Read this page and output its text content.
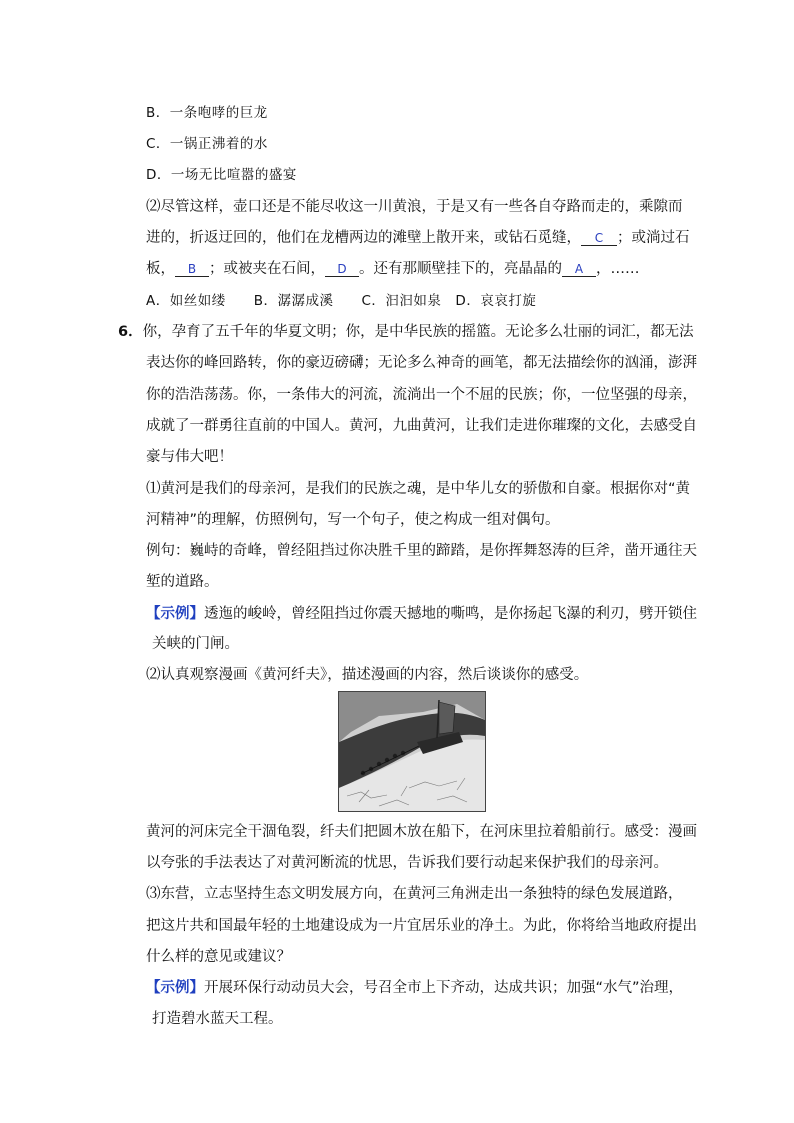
B．一条咆哮的巨龙
C．一锅正沸着的水
D．一场无比喧嚣的盛宴
⑵尽管这样，壶口还是不能尽收这一川黄浪，于是又有一些各自夺路而走的，乘隙而
进的，折返迂回的，他们在龙槽两边的滩壁上散开来，或钻石觅缝， C ；或淌过石
板， B ；或被夹在石间， D 。还有那顺壁挂下的，亮晶晶的 A ，……
A．如丝如缕　　B．潺潺成溪　　C．汩汩如泉　D．哀哀打旋
6．你，孕育了五千年的华夏文明；你，是中华民族的摇篮。无论多么壮丽的词汇，都无法
表达你的峰回路转，你的豪迈磅礴；无论多么神奇的画笔，都无法描绘你的汹涌，澎湃
你的浩浩荡荡。你，一条伟大的河流，流淌出一个不屈的民族；你，一位坚强的母亲，
成就了一群勇往直前的中国人。黄河，九曲黄河，让我们走进你璀璨的文化，去感受自
豪与伟大吧！
⑴黄河是我们的母亲河，是我们的民族之魂，是中华儿女的骄傲和自豪。根据你对“黄
河精神”的理解，仿照例句，写一个句子，使之构成一组对偶句。
例句：巍峙的奇峰，曾经阻挡过你决胜千里的蹄踏，是你挥舞怒涛的巨斧，凿开通往天
堑的道路。
【示例】透迤的峻岭，曾经阻挡过你震天撼地的嘶鸣，是你扬起飞瀑的利刃，劈开锁住
关峡的门闸。
⑵认真观察漫画《黄河纤夫》，描述漫画的内容，然后谈谈你的感受。
黄河的河床完全干涸龟裂，纤夫们把圆木放在船下，在河床里拉着船前行。感受：漫画
以夸张的手法表达了对黄河断流的忧思，告诉我们要行动起来保护我们的母亲河。
⑶东营，立志坚持生态文明发展方向，在黄河三角洲走出一条独特的绿色发展道路，
把这片共和国最年轻的土地建设成为一片宜居乐业的净土。为此，你将给当地政府提出
什么样的意见或建议？
【示例】开展环保行动动员大会，号召全市上下齐动，达成共识；加强“水气”治理，
打造碧水蓝天工程。
